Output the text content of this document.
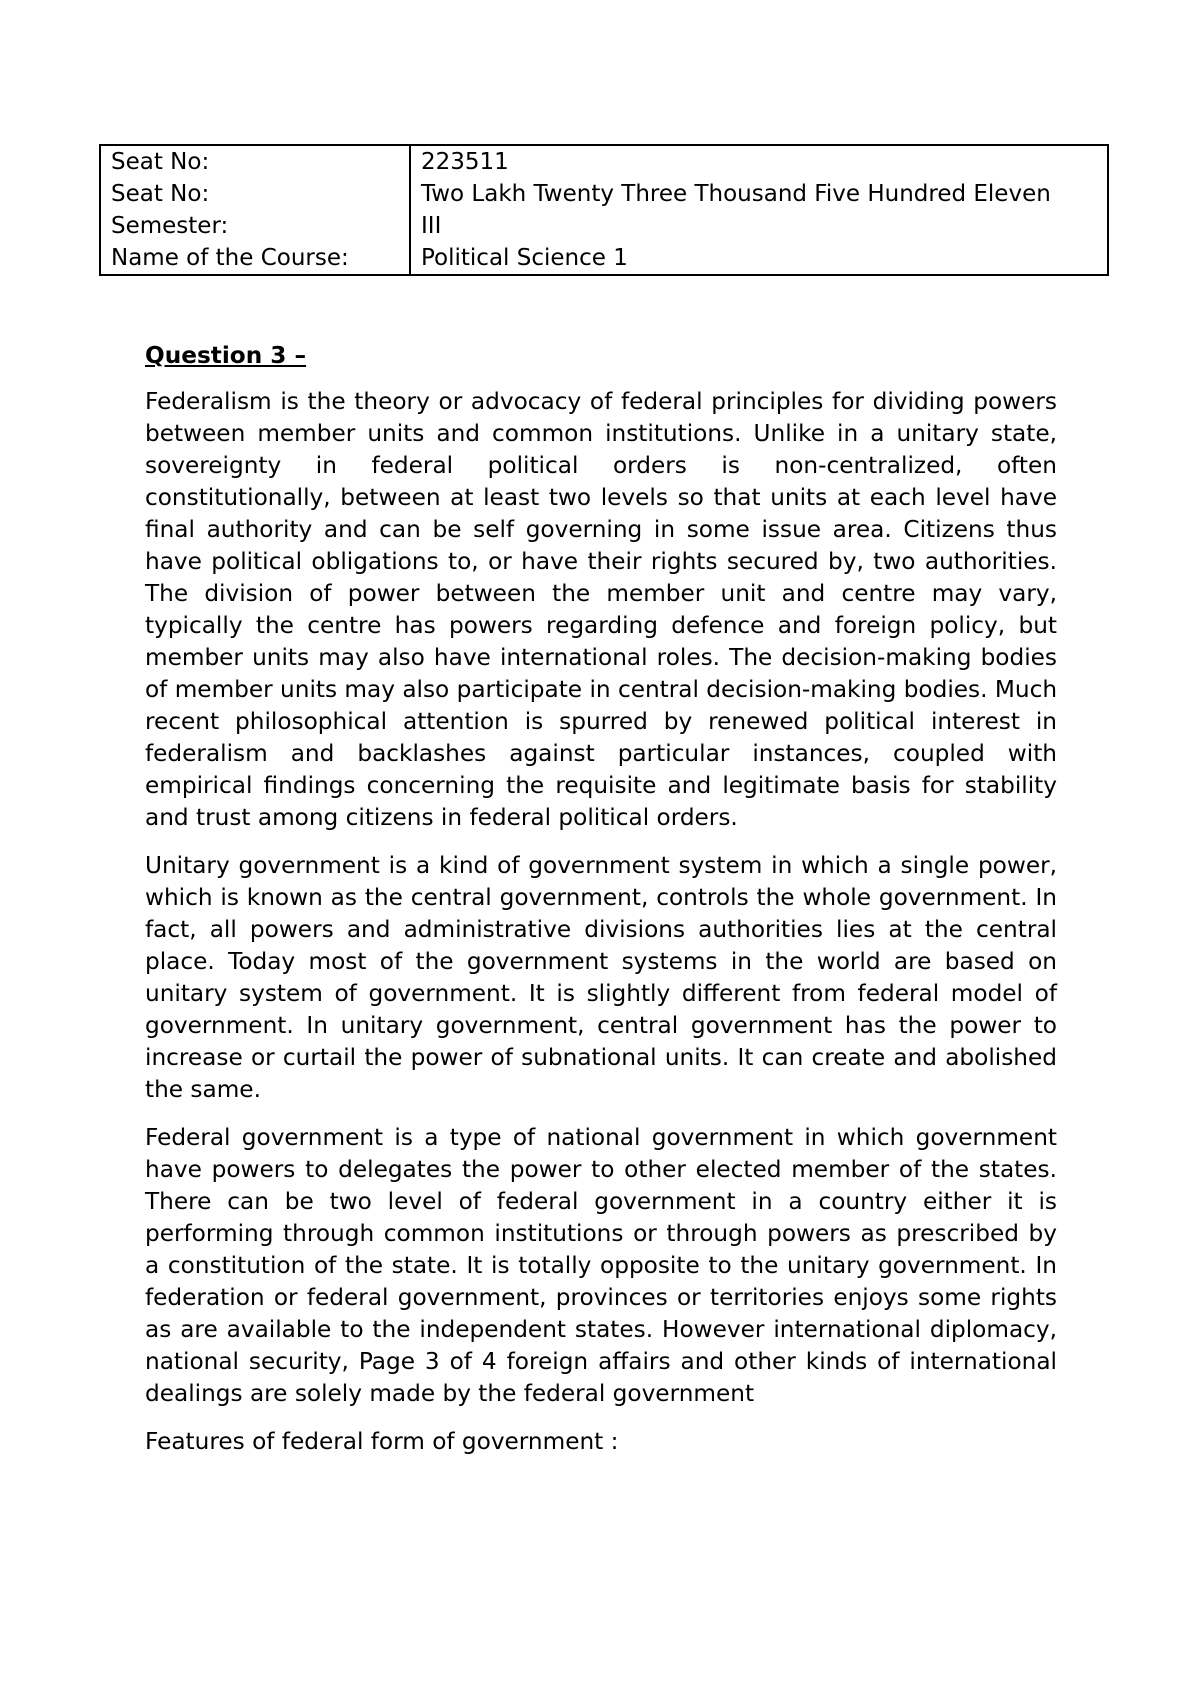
Seat No:	223511
Seat No:	Two Lakh Twenty Three Thousand Five Hundred Eleven
Semester:	III
Name of the Course:	Political Science 1

Question 3 –

Federalism is the theory or advocacy of federal principles for dividing powers between member units and common institutions. Unlike in a unitary state, sovereignty in federal political orders is non-centralized, often constitutionally, between at least two levels so that units at each level have final authority and can be self governing in some issue area. Citizens thus have political obligations to, or have their rights secured by, two authorities. The division of power between the member unit and centre may vary, typically the centre has powers regarding defence and foreign policy, but member units may also have international roles. The decision-making bodies of member units may also participate in central decision-making bodies. Much recent philosophical attention is spurred by renewed political interest in federalism and backlashes against particular instances, coupled with empirical findings concerning the requisite and legitimate basis for stability and trust among citizens in federal political orders.

Unitary government is a kind of government system in which a single power, which is known as the central government, controls the whole government. In fact, all powers and administrative divisions authorities lies at the central place. Today most of the government systems in the world are based on unitary system of government. It is slightly different from federal model of government. In unitary government, central government has the power to increase or curtail the power of subnational units. It can create and abolished the same.

Federal government is a type of national government in which government have powers to delegates the power to other elected member of the states. There can be two level of federal government in a country either it is performing through common institutions or through powers as prescribed by a constitution of the state. It is totally opposite to the unitary government. In federation or federal government, provinces or territories enjoys some rights as are available to the independent states. However international diplomacy, national security, Page 3 of 4 foreign affairs and other kinds of international dealings are solely made by the federal government

Features of federal form of government :
